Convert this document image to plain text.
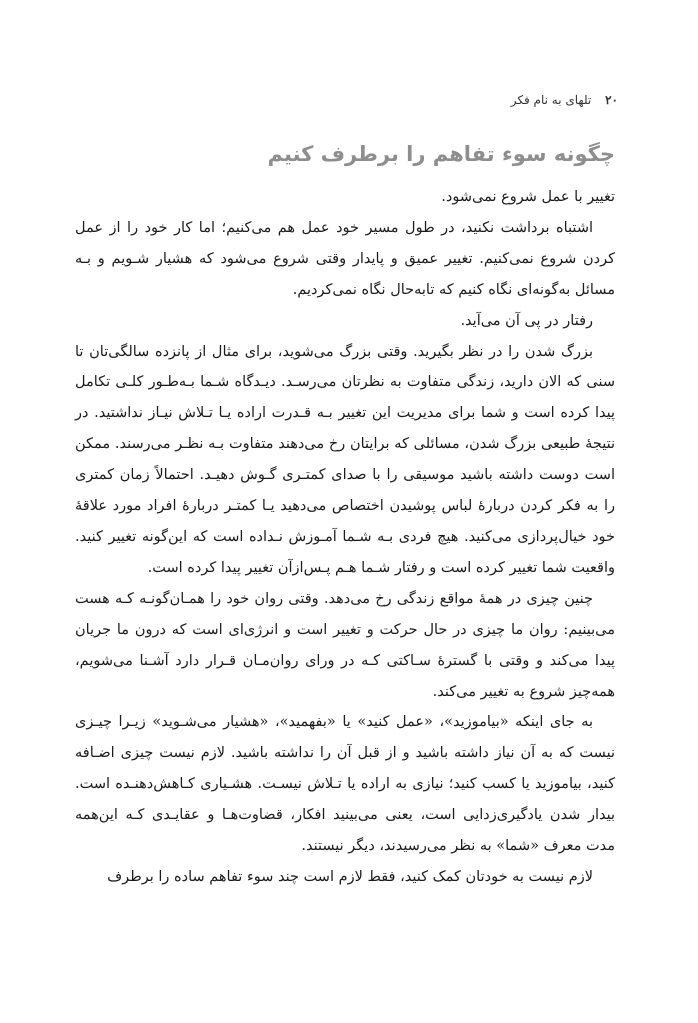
۲۰ تلهای به نام فکر
چگونه سوء تفاهم را برطرف کنیم

تغییر با عمل شروع نمی‌شود.

اشتباه برداشت نکنید، در طول مسیر خود عمل هم می‌کنیم؛ اما کار خود را از عمل کردن شروع نمی‌کنیم. تغییر عمیق و پایدار وقتی شروع می‌شود که هشیار شـویم و بـه مسائل به‌گونه‌ای نگاه کنیم که تابه‌حال نگاه نمی‌کردیم.

رفتار در پی آن می‌آید.

بزرگ شدن را در نظر بگیرید. وقتی بزرگ می‌شوید، برای مثال از پانزده سالگی‌تان تا سنی که الان دارید، زندگی متفاوت به نظرتان می‌رسـد. دیـدگاه شـما بـه‌طـور کلـی تکامل پیدا کرده است و شما برای مدیریت این تغییر بـه قـدرت اراده یـا تـلاش نیـاز نداشتید. در نتیجهٔ طبیعی بزرگ شدن، مسائلی که برایتان رخ می‌دهند متفاوت بـه نظـر می‌رسند. ممکن است دوست داشته باشید موسیقی را با صدای کمتـری گـوش دهیـد. احتمالاً زمان کمتری را به فکر کردن دربارهٔ لباس پوشیدن اختصاص می‌دهید یـا کمتـر دربارهٔ افراد مورد علاقهٔ خود خیال‌پردازی می‌کنید. هیچ فردی بـه شـما آمـوزش نـداده است که این‌گونه تغییر کنید. واقعیت شما تغییر کرده است و رفتار شـما هـم پـس‌ازآن تغییر پیدا کرده است.

چنین چیزی در همهٔ مواقع زندگی رخ می‌دهد. وقتی روان خود را همـان‌گونـه کـه هست می‌بینیم: روان ما چیزی در حال حرکت و تغییر است و انرژی‌ای است که درون ما جریان پیدا می‌کند و وقتی با گسترهٔ سـاکتی کـه در ورای روان‌مـان قـرار دارد آشـنا می‌شویم، همه‌چیز شروع به تغییر می‌کند.

به جای اینکه «بیاموزید»، «عمل کنید» یا «بفهمید»، «هشیار می‌شـوید» زیـرا چیـزی نیست که به آن نیاز داشته باشید و از قبل آن را نداشته باشید. لازم نیست چیزی اضـافه کنید، بیاموزید یا کسب کنید؛ نیازی به اراده یا تـلاش نیسـت. هشـیاری کـاهش‌دهنـده است. بیدار شدن یادگیری‌زدایی است، یعنی می‌بینید افکار، قضاوت‌هـا و عقایـدی کـه این‌همه مدت معرف «شما» به نظر می‌رسیدند، دیگر نیستند.

لازم نیست به خودتان کمک کنید، فقط لازم است چند سوء تفاهم ساده را برطرف
